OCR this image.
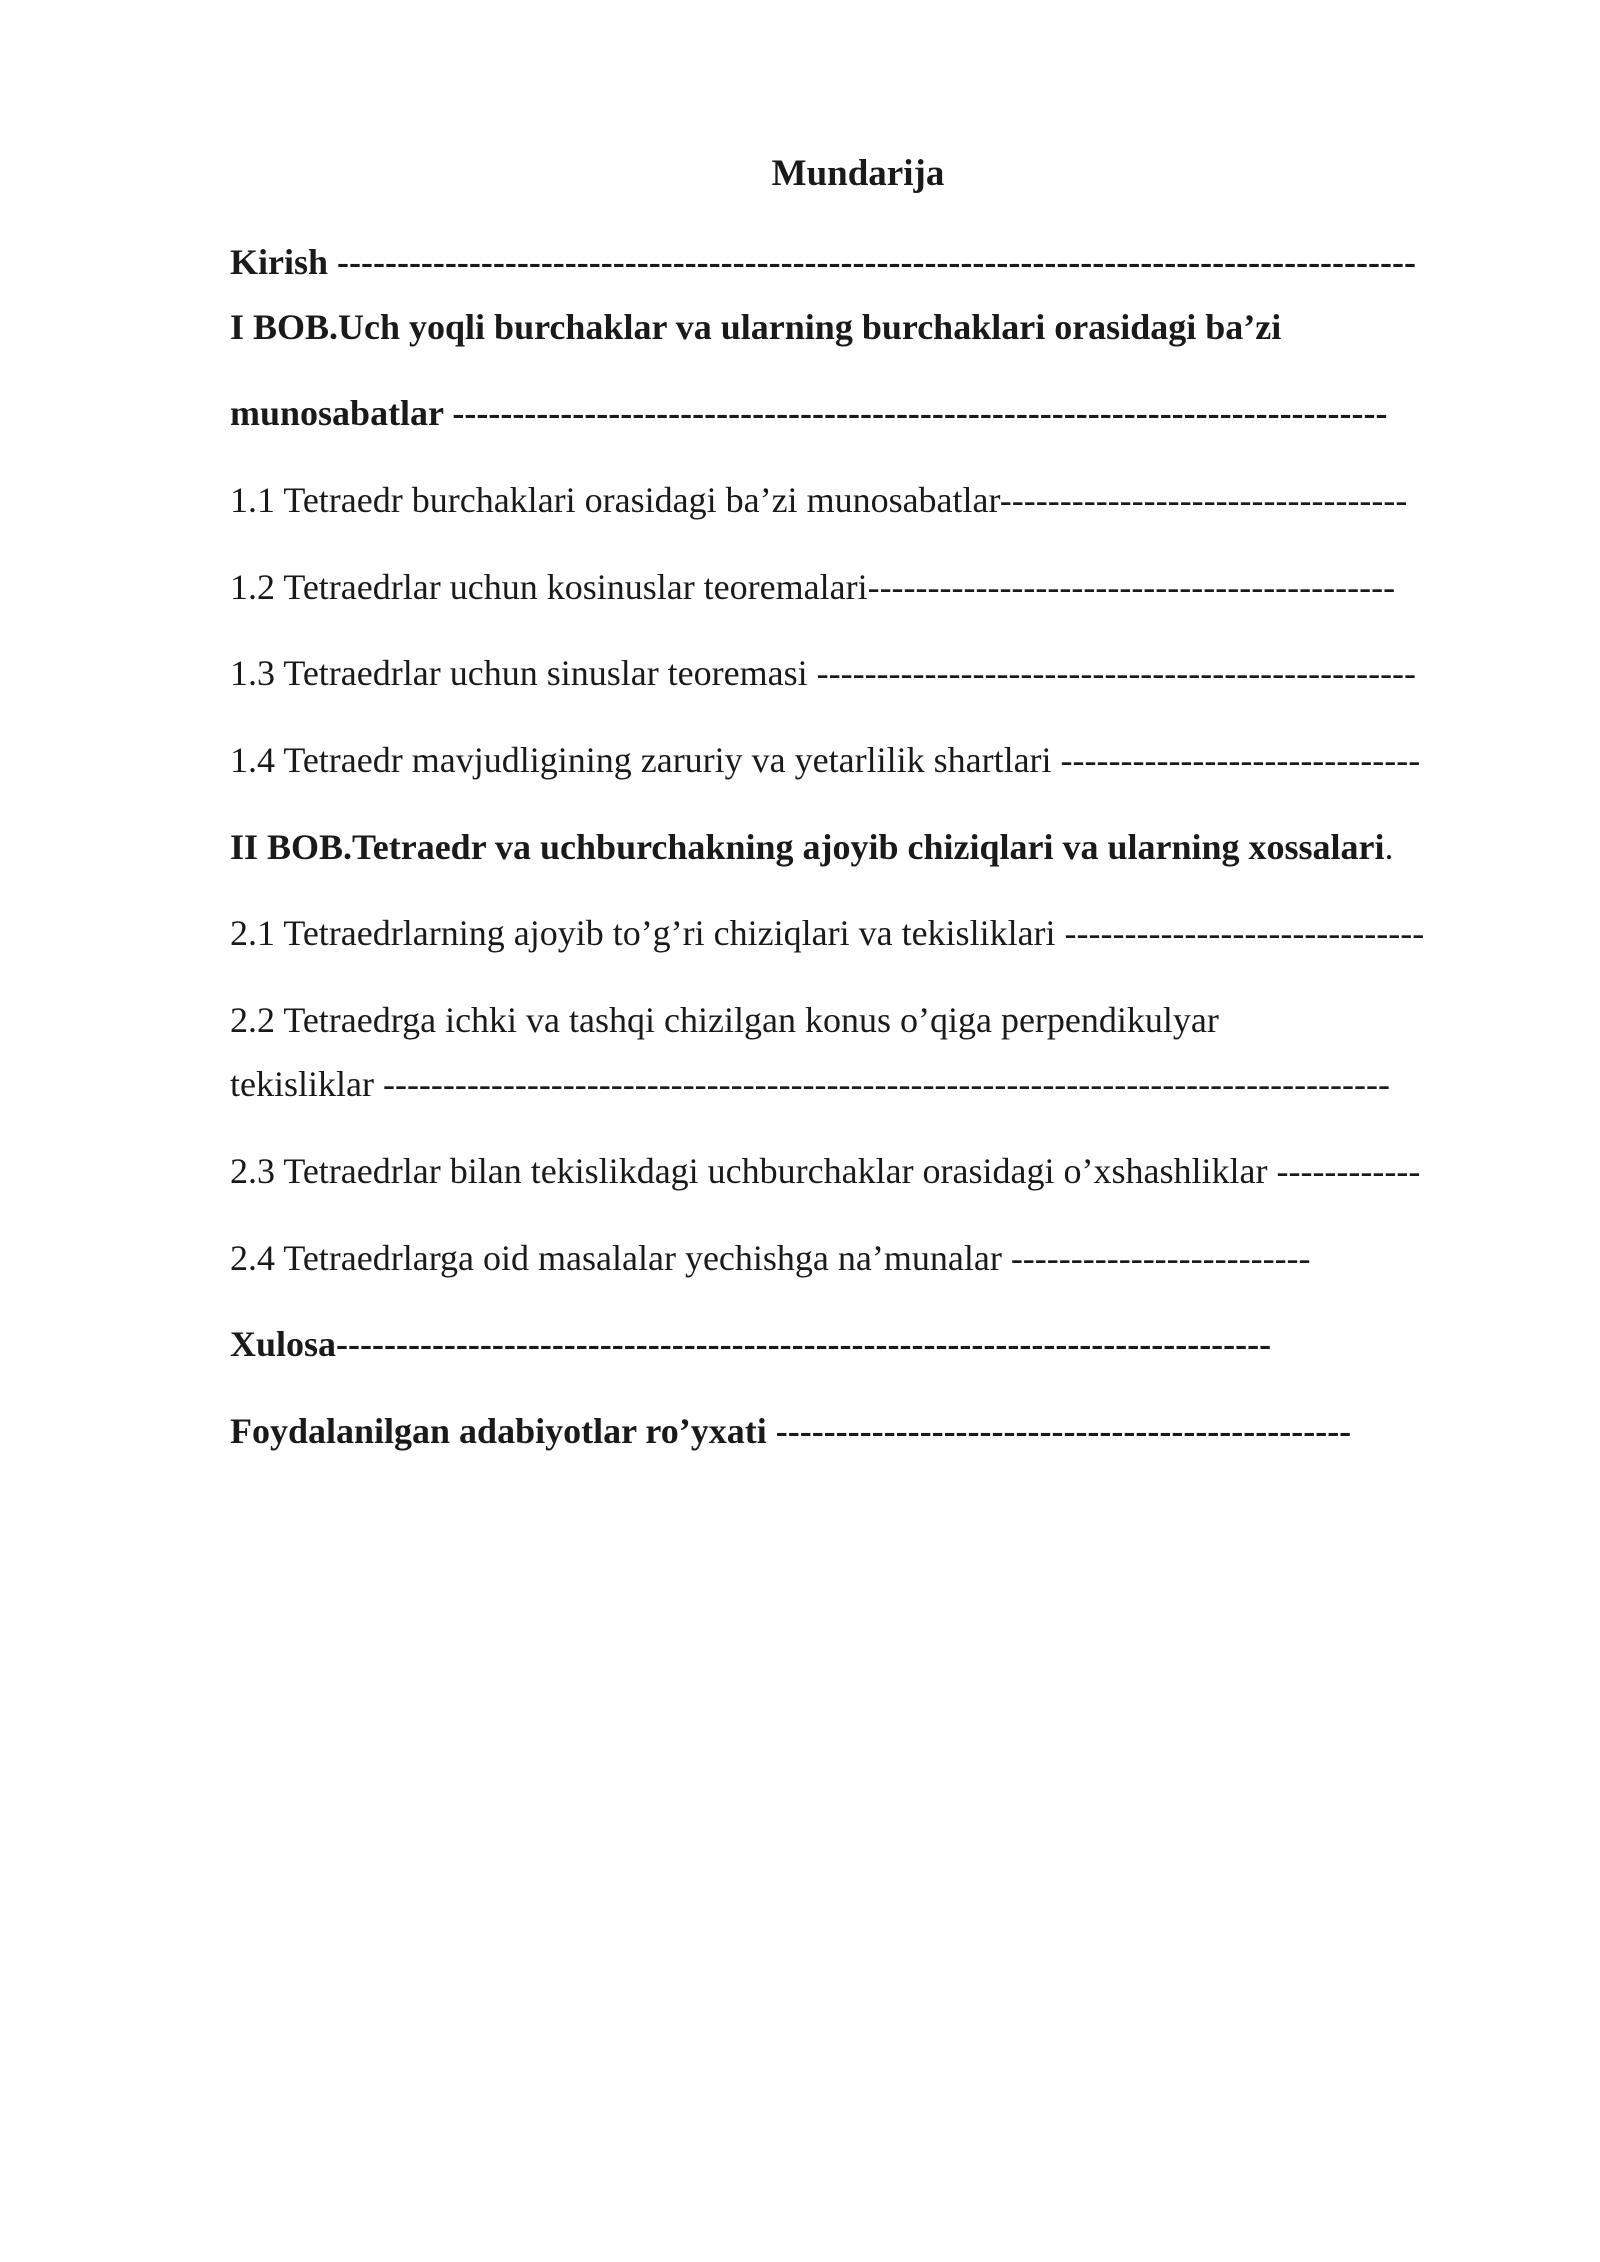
Mundarija
Kirish ------------------------------------------------------------------------------------------
I BOB.Uch yoqli burchaklar va ularning burchaklari orasidagi ba’zi
munosabatlar ------------------------------------------------------------------------------
1.1 Tetraedr burchaklari orasidagi ba’zi munosabatlar----------------------------------
1.2 Tetraedrlar uchun kosinuslar teoremalari--------------------------------------------
1.3 Tetraedrlar uchun sinuslar teoremasi --------------------------------------------------
1.4 Tetraedr mavjudligining zaruriy va yetarlilik shartlari ------------------------------
II BOB.Tetraedr va uchburchakning ajoyib chiziqlari va ularning xossalari.
2.1 Tetraedrlarning ajoyib to’g’ri chiziqlari va tekisliklari ------------------------------
2.2 Tetraedrga ichki va tashqi chizilgan konus o’qiga perpendikulyar
tekisliklar ------------------------------------------------------------------------------------
2.3 Tetraedrlar bilan tekislikdagi uchburchaklar orasidagi o’xshashliklar ------------
2.4 Tetraedrlarga oid masalalar yechishga na’munalar -------------------------
Xulosa------------------------------------------------------------------------------
Foydalanilgan adabiyotlar ro’yxati ------------------------------------------------
